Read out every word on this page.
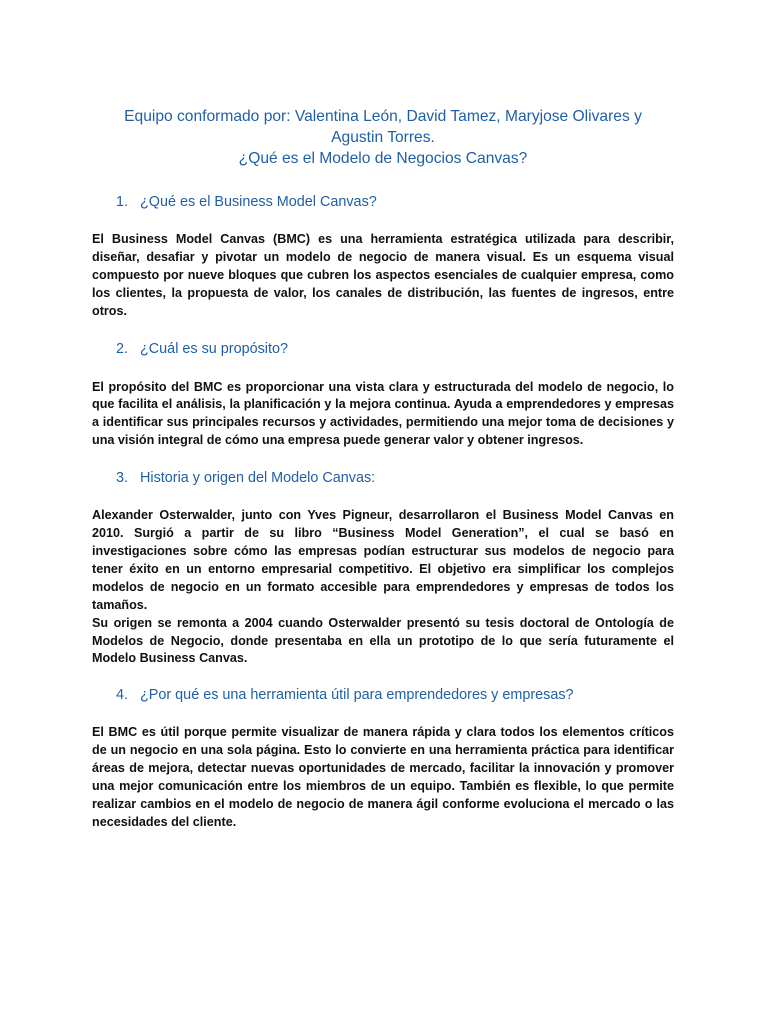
Equipo conformado por: Valentina León, David Tamez, Maryjose Olivares y

Agustin Torres.

¿Qué es el Modelo de Negocios Canvas?

1. ¿Qué es el Business Model Canvas?

El Business Model Canvas (BMC) es una herramienta estratégica utilizada para describir, diseñar, desafiar y pivotar un modelo de negocio de manera visual. Es un esquema visual compuesto por nueve bloques que cubren los aspectos esenciales de cualquier empresa, como los clientes, la propuesta de valor, los canales de distribución, las fuentes de ingresos, entre otros.

2. ¿Cuál es su propósito?

El propósito del BMC es proporcionar una vista clara y estructurada del modelo de negocio, lo que facilita el análisis, la planificación y la mejora continua. Ayuda a emprendedores y empresas a identificar sus principales recursos y actividades, permitiendo una mejor toma de decisiones y una visión integral de cómo una empresa puede generar valor y obtener ingresos.

3. Historia y origen del Modelo Canvas:

Alexander Osterwalder, junto con Yves Pigneur, desarrollaron el Business Model Canvas en 2010. Surgió a partir de su libro “Business Model Generation”, el cual se basó en investigaciones sobre cómo las empresas podían estructurar sus modelos de negocio para tener éxito en un entorno empresarial competitivo. El objetivo era simplificar los complejos modelos de negocio en un formato accesible para emprendedores y empresas de todos los tamaños.

Su origen se remonta a 2004 cuando Osterwalder presentó su tesis doctoral de Ontología de Modelos de Negocio, donde presentaba en ella un prototipo de lo que sería futuramente el Modelo Business Canvas.

4. ¿Por qué es una herramienta útil para emprendedores y empresas?

El BMC es útil porque permite visualizar de manera rápida y clara todos los elementos críticos de un negocio en una sola página. Esto lo convierte en una herramienta práctica para identificar áreas de mejora, detectar nuevas oportunidades de mercado, facilitar la innovación y promover una mejor comunicación entre los miembros de un equipo. También es flexible, lo que permite realizar cambios en el modelo de negocio de manera ágil conforme evoluciona el mercado o las necesidades del cliente.
